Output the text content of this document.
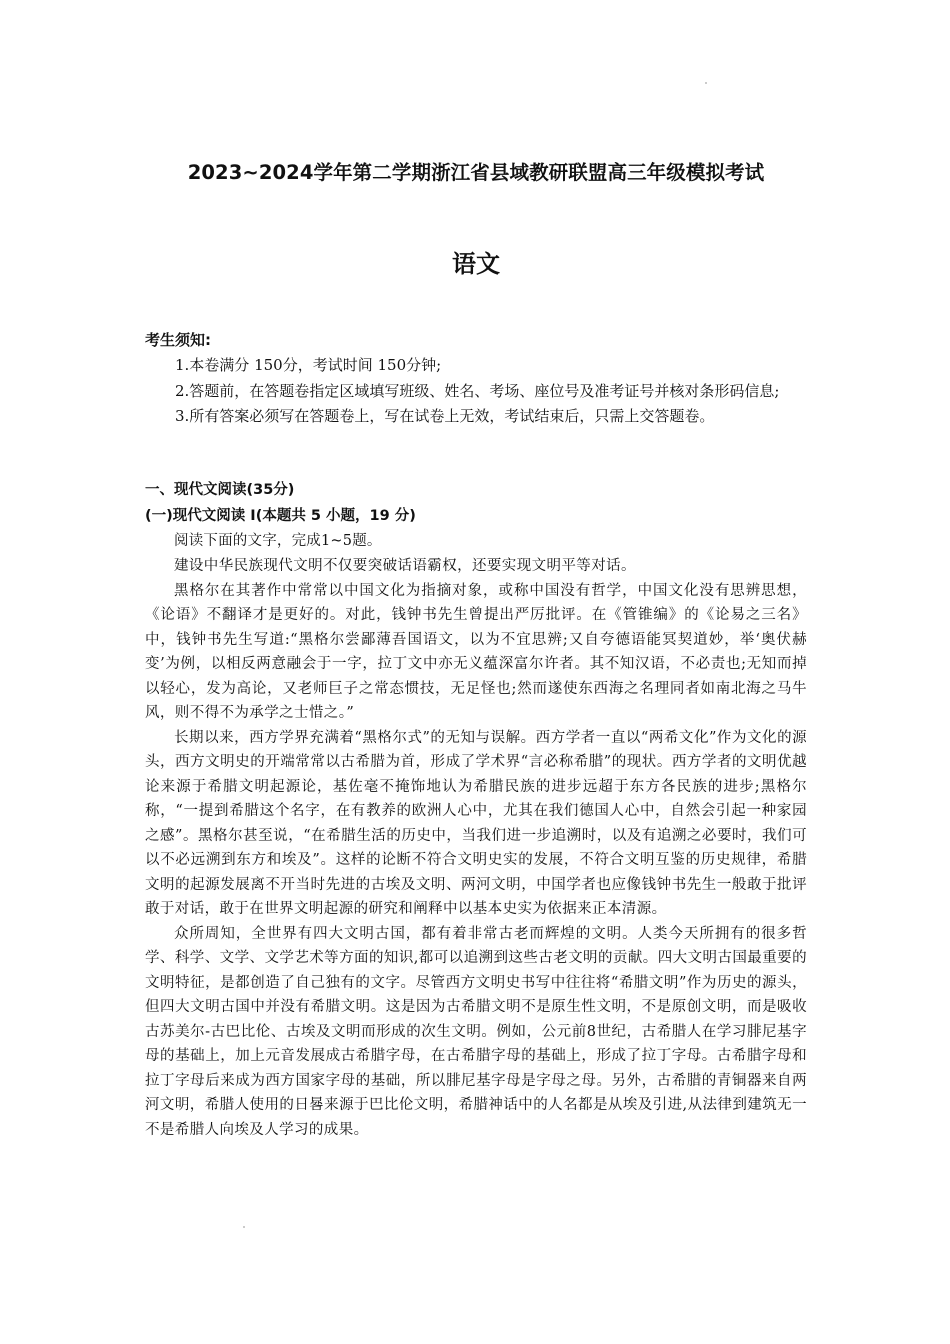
2023~2024学年第二学期浙江省县域教研联盟高三年级模拟考试
语文
考生须知:

1.本卷满分 150分，考试时间 150分钟;

2.答题前，在答题卷指定区域填写班级、姓名、考场、座位号及准考证号并核对条形码信息;

3.所有答案必须写在答题卷上，写在试卷上无效，考试结束后，只需上交答题卷。

一、现代文阅读(35分)
(一)现代文阅读 I(本题共 5 小题，19 分)

阅读下面的文字，完成1~5题。

建设中华民族现代文明不仅要突破话语霸权，还要实现文明平等对话。

黑格尔在其著作中常常以中国文化为指摘对象，或称中国没有哲学，中国文化没有思辨思想，《论语》不翻译才是更好的。对此，钱钟书先生曾提出严厉批评。在《管锥编》的《论易之三名》中，钱钟书先生写道:“黑格尔尝鄙薄吾国语文，以为不宜思辨;又自夸德语能冥契道妙，举‘奥伏赫变’为例，以相反两意融会于一字，拉丁文中亦无义蕴深富尔许者。其不知汉语，不必责也;无知而掉以轻心，发为高论，又老师巨子之常态惯技，无足怪也;然而遂使东西海之名理同者如南北海之马牛风，则不得不为承学之士惜之。”

长期以来，西方学界充满着“黑格尔式”的无知与误解。西方学者一直以“两希文化”作为文化的源头，西方文明史的开端常常以古希腊为首，形成了学术界“言必称希腊”的现状。西方学者的文明优越论来源于希腊文明起源论，基佐毫不掩饰地认为希腊民族的进步远超于东方各民族的进步;黑格尔称，“一提到希腊这个名字，在有教养的欧洲人心中，尤其在我们德国人心中，自然会引起一种家园之感”。黑格尔甚至说，“在希腊生活的历史中，当我们进一步追溯时，以及有追溯之必要时，我们可以不必远溯到东方和埃及”。这样的论断不符合文明史实的发展，不符合文明互鉴的历史规律，希腊文明的起源发展离不开当时先进的古埃及文明、两河文明，中国学者也应像钱钟书先生一般敢于批评敢于对话，敢于在世界文明起源的研究和阐释中以基本史实为依据来正本清源。

众所周知，全世界有四大文明古国，都有着非常古老而辉煌的文明。人类今天所拥有的很多哲学、科学、文学、文学艺术等方面的知识,都可以追溯到这些古老文明的贡献。四大文明古国最重要的文明特征，是都创造了自己独有的文字。尽管西方文明史书写中往往将“希腊文明”作为历史的源头，但四大文明古国中并没有希腊文明。这是因为古希腊文明不是原生性文明，不是原创文明，而是吸收古苏美尔-古巴比伦、古埃及文明而形成的次生文明。例如，公元前8世纪，古希腊人在学习腓尼基字母的基础上，加上元音发展成古希腊字母，在古希腊字母的基础上，形成了拉丁字母。古希腊字母和拉丁字母后来成为西方国家字母的基础，所以腓尼基字母是字母之母。另外，古希腊的青铜器来自两河文明，希腊人使用的日晷来源于巴比伦文明，希腊神话中的人名都是从埃及引进,从法律到建筑无一不是希腊人向埃及人学习的成果。
